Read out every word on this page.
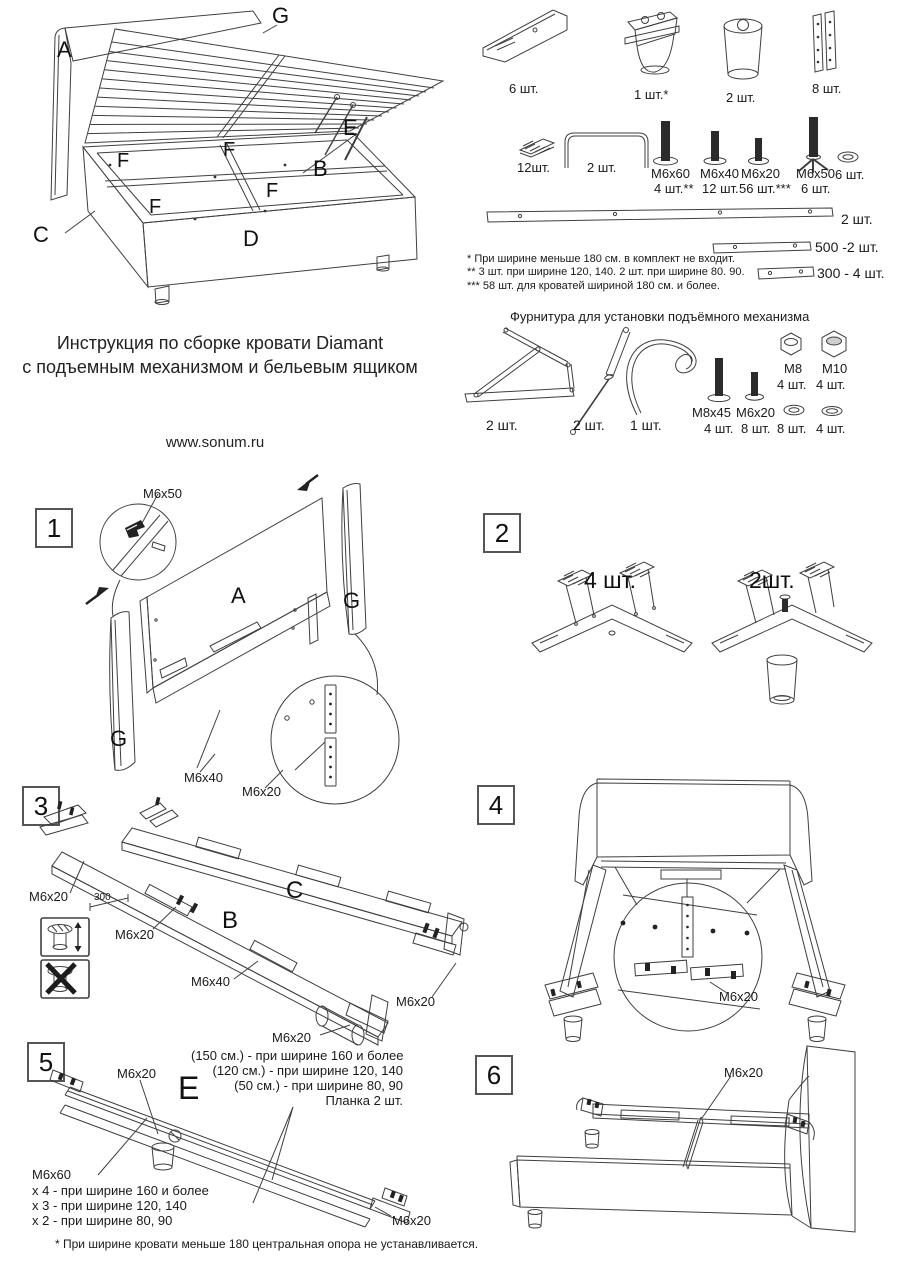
G
A
E
F	F
B
F
F
C	D
Инструкция по сборке кровати Diamant
с подъемным механизмом и бельевым ящиком
www.sonum.ru
6 шт.	1 шт.*	2 шт.
8 шт.
12шт.	2 шт.	M6x60
4 шт.**
M6x40
12 шт.
M6x20
56 шт.***
M6x50
6 шт.
6 шт.
2 шт.
500 -2 шт.
300 - 4 шт.
* При ширине меньше 180 см. в комплект не входит.
** 3 шт. при ширине 120, 140. 2 шт. при ширине 80. 90.
*** 58 шт. для кроватей шириной 180 см. и более.
Фурнитура для установки подъёмного механизма
2 шт.	2 шт. 1 шт.
M8x45
4 шт.
M6x20
8 шт.
M8
4 шт.
M10
4 шт.
8 шт. 4 шт.
1
M6x50
A	G
G
M6x40
M6x20
2
4 шт.	2шт.
3
M6x20	300
M6x20
B
C
M6x40
M6x20
M6x20
4
M6x20
5	M6x20
(150 см.) - при ширине 160 и более
(120 см.) - при ширине 120, 140
(50 см.) - при ширине 80, 90
Планка 2 шт.
E
M6x60
x 4 - при ширине 160 и более
x 3 - при ширине 120, 140
x 2 - при ширине 80, 90	M6x20
* При ширине кровати меньше 180 центральная опора не устанавливается.
6	M6x20
